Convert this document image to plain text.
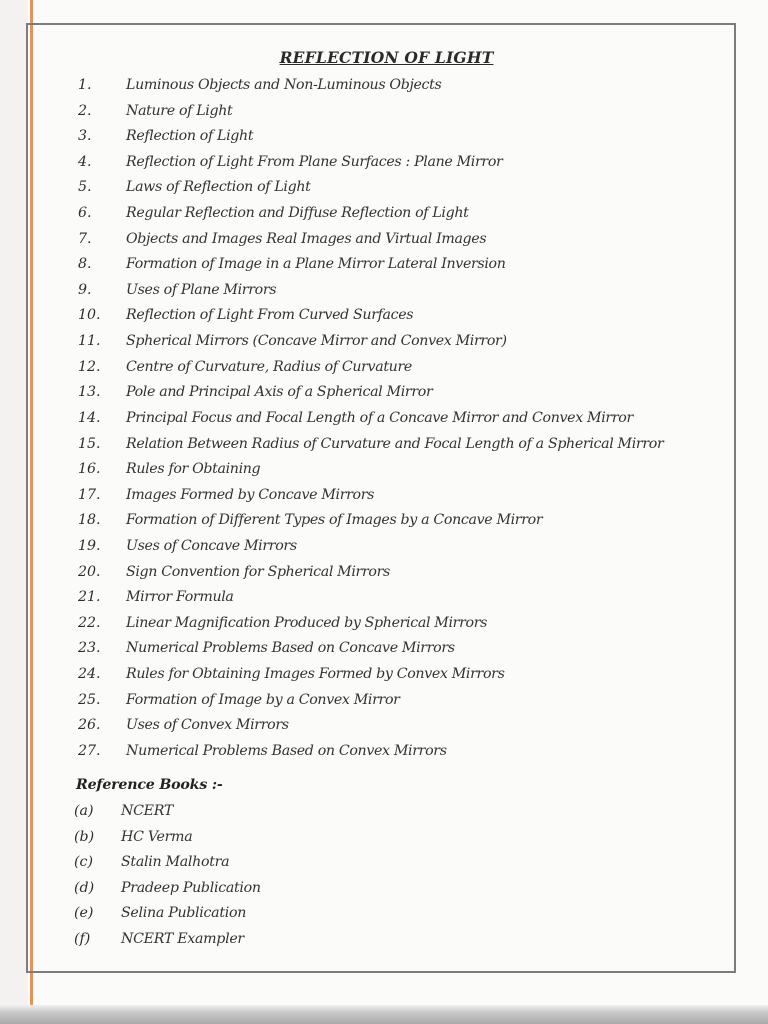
REFLECTION OF LIGHT
1.	Luminous Objects and Non-Luminous Objects
2.	Nature of Light
3.	Reflection of Light
4.	Reflection of Light From Plane Surfaces : Plane Mirror
5.	Laws of Reflection of Light
6.	Regular Reflection and Diffuse Reflection of Light
7.	Objects and Images Real Images and Virtual Images
8.	Formation of Image in a Plane Mirror Lateral Inversion
9.	Uses of Plane Mirrors
10.	Reflection of Light From Curved Surfaces
11.	Spherical Mirrors (Concave Mirror and Convex Mirror)
12.	Centre of Curvature, Radius of Curvature
13.	Pole and Principal Axis of a Spherical Mirror
14.	Principal Focus and Focal Length of a Concave Mirror and Convex Mirror
15.	Relation Between Radius of Curvature and Focal Length of a Spherical Mirror
16.	Rules for Obtaining
17.	Images Formed by Concave Mirrors
18.	Formation of Different Types of Images by a Concave Mirror
19.	Uses of Concave Mirrors
20.	Sign Convention for Spherical Mirrors
21.	Mirror Formula
22.	Linear Magnification Produced by Spherical Mirrors
23.	Numerical Problems Based on Concave Mirrors
24.	Rules for Obtaining Images Formed by Convex Mirrors
25.	Formation of Image by a Convex Mirror
26.	Uses of Convex Mirrors
27.	Numerical Problems Based on Convex Mirrors
Reference Books :-
(a) NCERT
(b) HC Verma
(c) Stalin Malhotra
(d) Pradeep Publication
(e) Selina Publication
(f) NCERT Exampler
